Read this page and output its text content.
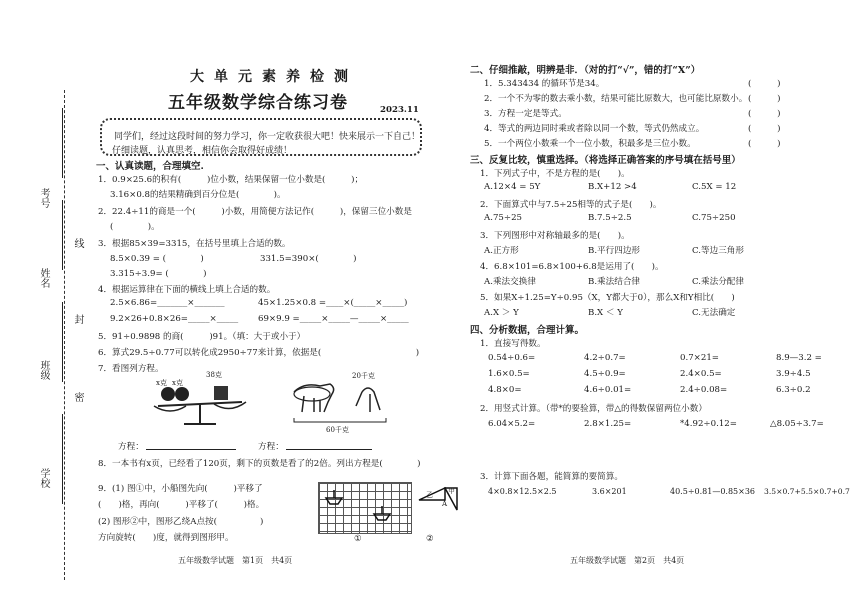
考号
线
姓名
封
班级
密
学校
大单元素养检测
五年级数学综合练习卷	2023.11
同学们，经过这段时间的努力学习，你一定收获很大吧！快来展示一下自己！
仔细读题，认真思考，相信你会取得好成绩！
一、认真读题，合理填空.
1．0.9×25.6的积有(　　　)位小数，结果保留一位小数是(　　　)；
3.16×0.8的结果精确到百分位是(　　　　)。
2．22.4÷11的商是一个(　　　)小数，用简便方法记作(　　　)，保留三位小数是
(　　　　)。
3．根据85×39=3315，在括号里填上合适的数。
8.5×0.39 = (　　　　)	331.5=390×(　　　　)
3.315÷3.9= (　　　　)
4．根据运算律在下面的横线上填上合适的数。
2.5×6.86=_______×_______	45×1.25×0.8 =____×(_____×_____)
9.2×26+0.8×26=_____×_____ 69×9.9 =_____×_____—_____×_____
5．91÷0.9898 的商(　　　)91。（填：大于或小于）
6．算式29.5÷0.77可以转化成2950÷77来计算，依据是(　　　　　　　　　　　)
7．看图列方程。
x克 x克
38克	20千克
60千克
方程：	方程：
8．一本书有x页，已经看了120页，剩下的页数是看了的2倍。列出方程是(　　　　)
9．(1) 图①中，小船图先向(　　　)平移了
(　　)格，再向(　　　)平移了(　　　)格。
(2) 图形②中，图形乙绕A点按(　　　　　)
方向旋转(　　)度，就得到图形甲。	①
乙 甲
A
②
五年级数学试题　第1页　共4页
二、仔细推敲，明辨是非．（对的打“√”，错的打“X”）
1．5.343434 的循环节是34。	(　　　)
2．一个不为零的数去乘小数，结果可能比原数大，也可能比原数小。 (　　　)
3．方程一定是等式。	(　　　)
4．等式的两边同时乘或者除以同一个数，等式仍然成立。	(　　　)
5．一个两位小数乘一个一位小数，积最多是三位小数。	(　　　)
三、反复比较，慎重选择。（将选择正确答案的序号填在括号里）
1．下列式子中，不是方程的是(　　)。
A.12×4 = 5Y	B.X+12 >4	C.5X = 12
2．下面算式中与7.5÷25相等的式子是(　　)。
A.75÷25	B.7.5÷2.5	C.75÷250
3．下列图形中对称轴最多的是(　　)。
A.正方形	B.平行四边形	C.等边三角形
4．6.8×101=6.8×100+6.8是运用了(　　)。
A.乘法交换律	B.乘法结合律	C.乘法分配律
5．如果X÷1.25=Y÷0.95（X，Y都大于0），那么X和Y相比(　　)
A.X ＞ Y	B.X ＜ Y	C.无法确定
四、分析数据，合理计算。
1．直接写得数。
0.54÷0.6=	4.2÷0.7=	0.7×21=	8.9—3.2 =
1.6×0.5=	4.5÷0.9=	2.4×0.5=	3.9÷4.5
4.8×0=	4.6÷0.01=	2.4÷0.08=	6.3÷0.2
2．用竖式计算。（带*的要验算，带△的得数保留两位小数）
6.04×5.2=	2.8×1.25=	*4.92÷0.12=	△8.05÷3.7=
3．计算下面各题，能简算的要简算。
4×0.8×12.5×2.5	3.6×201	40.5÷0.81—0.85×36 3.5×0.7+5.5×0.7+0.7
五年级数学试题　第2页　共4页
